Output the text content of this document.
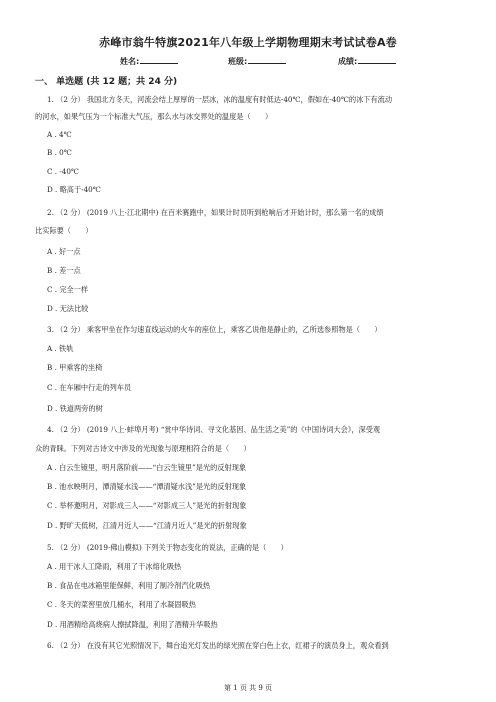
赤峰市翁牛特旗2021年八年级上学期物理期末考试试卷A卷
姓名:	班级:	成绩:
一、 单选题 (共 12 题；共 24 分)
1. （2 分） 我国北方冬天，河流会结上厚厚的一层冰，冰的温度有时低达-40℃，假如在-40℃的冰下有流动
的河水，如果气压为一个标准大气压，那么水与冰交界处的温度是（　　）
A . 4℃
B . 0℃
C . -40℃
D . 略高于-40℃
2. （2 分） (2019 八上·江北期中) 在百米赛跑中，如果计时员听到枪响后才开始计时，那么第一名的成绩
比实际要（　　）
A . 好一点
B . 差一点
C . 完全一样
D . 无法比较
3. （2 分） 乘客甲坐在作匀速直线运动的火车的座位上，乘客乙说他是静止的，乙所选参照物是（　　）
A . 铁轨
B . 甲乘客的坐椅
C . 在车厢中行走的列车员
D . 铁道两旁的树
4. （2 分） (2019 八上·蚌埠月考) “赏中华诗词、寻文化基因、品生活之美”的《中国诗词大会》，深受观
众的青睐。下列对古诗文中涉及的光现象与原理相符合的是（　　）
A . 白云生镜里，明月落阶前——“白云生镜里”是光的反射现象
B . 池水映明月，潭清疑水浅——“潭清疑水浅”是光的反射现象
C . 举杯邀明月，对影成三人——“对影成三人”是光的折射现象
D . 野旷天低树，江清月近人——“江清月近人”是光的折射现象
5. （2 分） (2019·佛山模拟) 下列关于物态变化的说法，正确的是（　　）
A . 用干冰人工降雨，利用了干冰熔化吸热
B . 食品在电冰箱里能保鲜，利用了制冷剂汽化吸热
C . 冬天的菜窖里放几桶水，利用了水凝固吸热
D . 用酒精给高烧病人擦拭降温，利用了酒精升华吸热
6. （2 分） 在没有其它光照情况下，舞台追光灯发出的绿光照在穿白色上衣，红裙子的演员身上，观众看到
第 1 页 共 9 页
